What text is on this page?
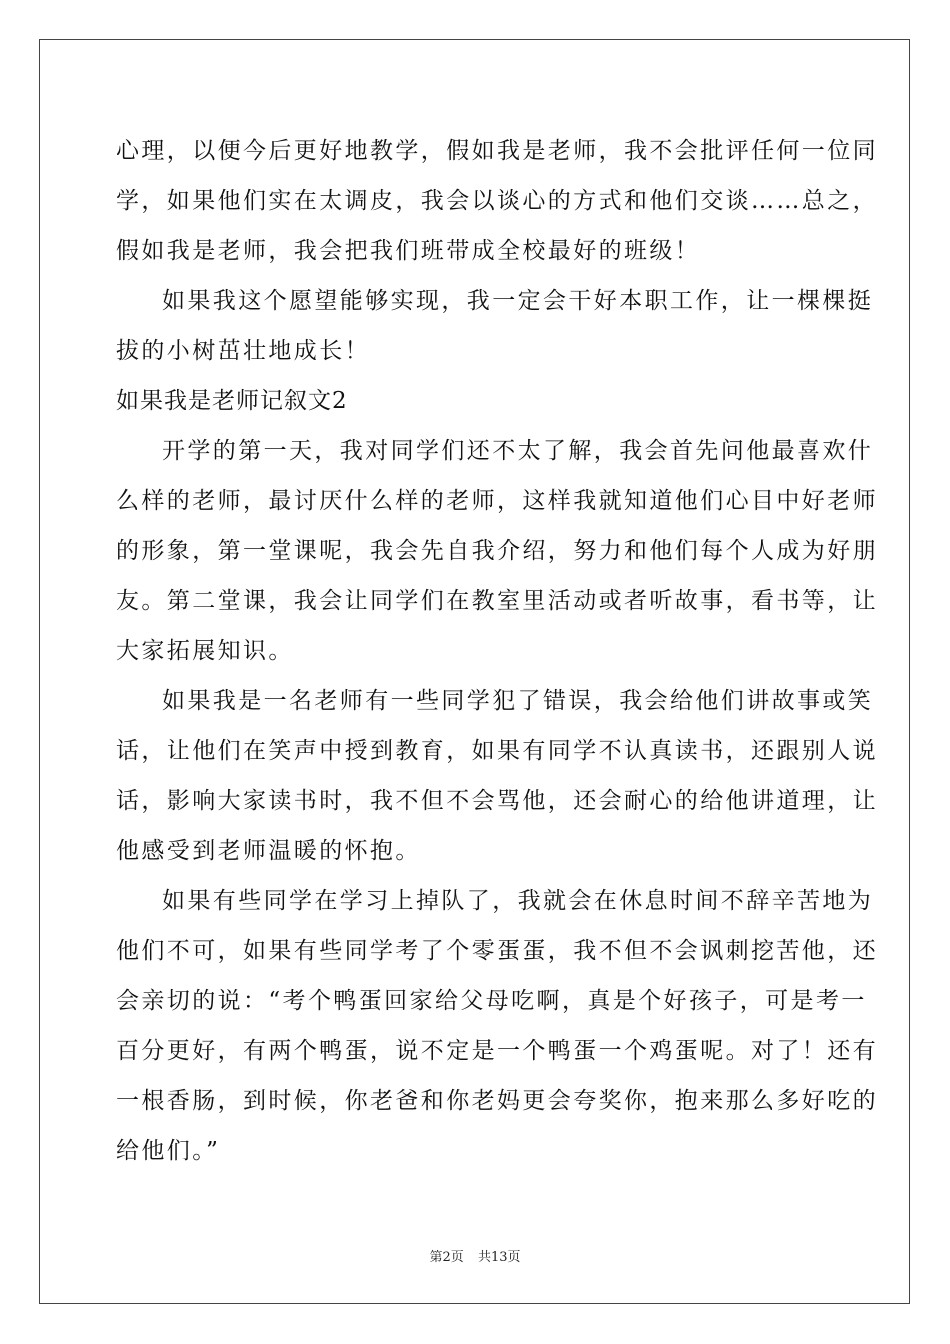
心理，以便今后更好地教学，假如我是老师，我不会批评任何一位同
学，如果他们实在太调皮，我会以谈心的方式和他们交谈……总之，
假如我是老师，我会把我们班带成全校最好的班级！
如果我这个愿望能够实现，我一定会干好本职工作，让一棵棵挺
拔的小树茁壮地成长！
如果我是老师记叙文2
开学的第一天，我对同学们还不太了解，我会首先问他最喜欢什
么样的老师，最讨厌什么样的老师，这样我就知道他们心目中好老师
的形象，第一堂课呢，我会先自我介绍，努力和他们每个人成为好朋
友。第二堂课，我会让同学们在教室里活动或者听故事，看书等，让
大家拓展知识。
如果我是一名老师有一些同学犯了错误，我会给他们讲故事或笑
话，让他们在笑声中授到教育，如果有同学不认真读书，还跟别人说
话，影响大家读书时，我不但不会骂他，还会耐心的给他讲道理，让
他感受到老师温暖的怀抱。
如果有些同学在学习上掉队了，我就会在休息时间不辞辛苦地为
他们不可，如果有些同学考了个零蛋蛋，我不但不会讽刺挖苦他，还
会亲切的说：“考个鸭蛋回家给父母吃啊，真是个好孩子，可是考一
百分更好，有两个鸭蛋，说不定是一个鸭蛋一个鸡蛋呢。对了！还有
一根香肠，到时候，你老爸和你老妈更会夸奖你，抱来那么多好吃的
给他们。”
第2页 共13页
